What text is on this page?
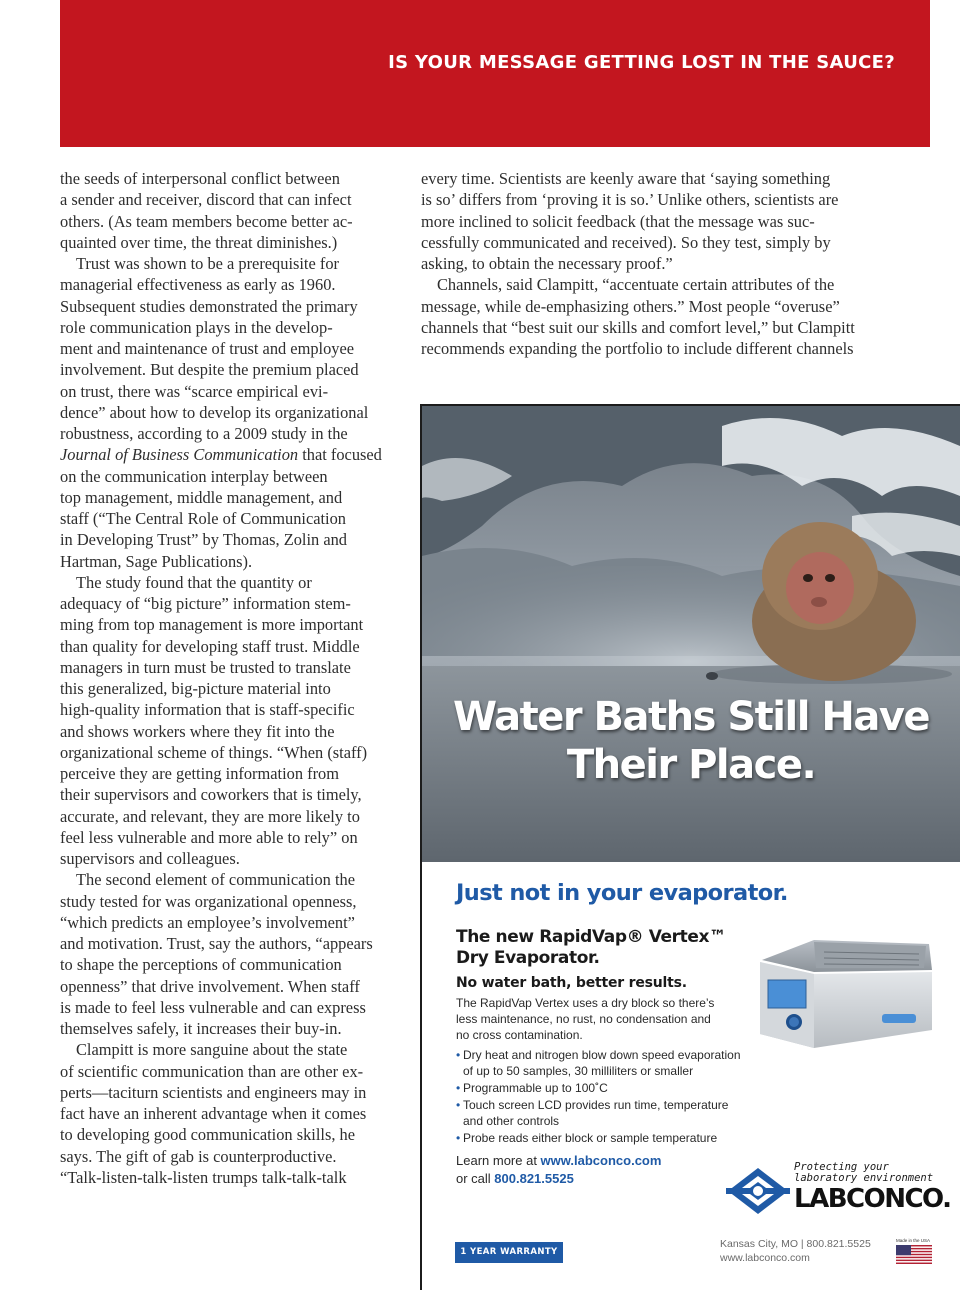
IS YOUR MESSAGE GETTING LOST IN THE SAUCE?

the seeds of interpersonal conflict between
a sender and receiver, discord that can infect
others. (As team members become better ac-
quainted over time, the threat diminishes.)

Trust was shown to be a prerequisite for
managerial effectiveness as early as 1960.
Subsequent studies demonstrated the primary
role communication plays in the develop-
ment and maintenance of trust and employee
involvement. But despite the premium placed
on trust, there was “scarce empirical evi-
dence” about how to develop its organizational
robustness, according to a 2009 study in the
Journal of Business Communication that focused
on the communication interplay between
top management, middle management, and
staff (“The Central Role of Communication
in Developing Trust” by Thomas, Zolin and
Hartman, Sage Publications).

The study found that the quantity or
adequacy of “big picture” information stem-
ming from top management is more important
than quality for developing staff trust. Middle
managers in turn must be trusted to translate
this generalized, big-picture material into
high-quality information that is staff-specific
and shows workers where they fit into the
organizational scheme of things. “When (staff)
perceive they are getting information from
their supervisors and coworkers that is timely,
accurate, and relevant, they are more likely to
feel less vulnerable and more able to rely” on
supervisors and colleagues.

The second element of communication the
study tested for was organizational openness,
“which predicts an employee’s involvement”
and motivation. Trust, say the authors, “appears
to shape the perceptions of communication
openness” that drive involvement. When staff
is made to feel less vulnerable and can express
themselves safely, it increases their buy-in.

Clampitt is more sanguine about the state
of scientific communication than are other ex-
perts—taciturn scientists and engineers may in
fact have an inherent advantage when it comes
to developing good communication skills, he
says. The gift of gab is counterproductive.
“Talk-listen-talk-listen trumps talk-talk-talk

every time. Scientists are keenly aware that ‘saying something
is so’ differs from ‘proving it is so.’ Unlike others, scientists are
more inclined to solicit feedback (that the message was suc-
cessfully communicated and received). So they test, simply by
asking, to obtain the necessary proof.”

Channels, said Clampitt, “accentuate certain attributes of the
message, while de-emphasizing others.” Most people “overuse”
channels that “best suit our skills and comfort level,” but Clampitt
recommends expanding the portfolio to include different channels

Water Baths Still Have
Their Place.
Just not in your evaporator.
The new RapidVap® Vertex™
Dry Evaporator.
No water bath, better results.
The RapidVap Vertex uses a dry block so there’s
less maintenance, no rust, no condensation and
no cross contamination.
• Dry heat and nitrogen blow down speed evaporation
of up to 50 samples, 30 milliliters or smaller
• Programmable up to 100˚C
• Touch screen LCD provides run time, temperature
and other controls
• Probe reads either block or sample temperature
Learn more at www.labconco.com
or call 800.821.5525
Protecting your
laboratory environment
LABCONCO.
1 YEAR WARRANTY
Kansas City, MO | 800.821.5525
www.labconco.com
Made in the USA
